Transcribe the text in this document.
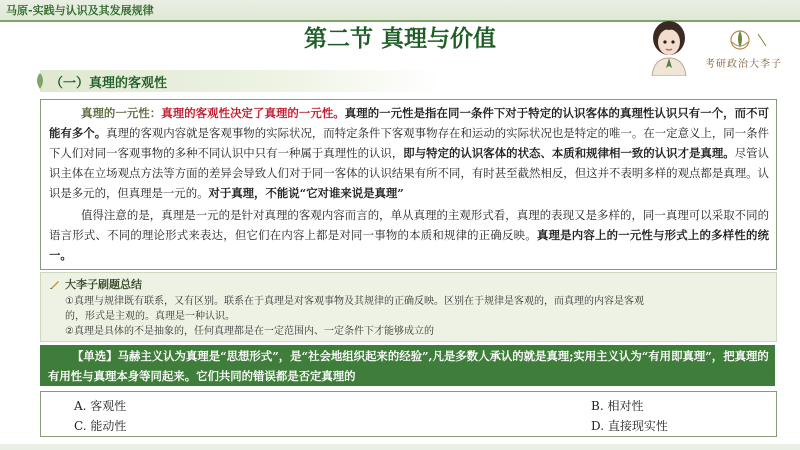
马原-实践与认识及其发展规律
第二节 真理与价值
考研政治大李子
（一）真理的客观性

真理的一元性：真理的客观性决定了真理的一元性。真理的一元性是指在同一条件下对于特定的认识客体的真理性认识只有一个，而不可能有多个。真理的客观内容就是客观事物的实际状况，而特定条件下客观事物存在和运动的实际状况也是特定的唯一。在一定意义上，同一条件下人们对同一客观事物的多种不同认识中只有一种属于真理性的认识，即与特定的认识客体的状态、本质和规律相一致的认识才是真理。尽管认识主体在立场观点方法等方面的差异会导致人们对于同一客体的认识结果有所不同，有时甚至截然相反，但这并不表明多样的观点都是真理。认识是多元的，但真理是一元的。对于真理，不能说“它对谁来说是真理”

值得注意的是，真理是一元的是针对真理的客观内容而言的，单从真理的主观形式看，真理的表现又是多样的，同一真理可以采取不同的语言形式、不同的理论形式来表达，但它们在内容上都是对同一事物的本质和规律的正确反映。真理是内容上的一元性与形式上的多样性的统一。

大李子刷题总结
①真理与规律既有联系，又有区别。联系在于真理是对客观事物及其规律的正确反映。区别在于规律是客观的，而真理的内容是客观
的，形式是主观的。真理是一种认识。
②真理是具体的不是抽象的，任何真理都是在一定范围内、一定条件下才能够成立的

【单选】马赫主义认为真理是“思想形式”，是“社会地组织起来的经验”,凡是多数人承认的就是真理;实用主义认为“有用即真理”，把真理的有用性与真理本身等同起来。它们共同的错误都是否定真理的

A. 客观性	B. 相对性
C. 能动性	D. 直接现实性
